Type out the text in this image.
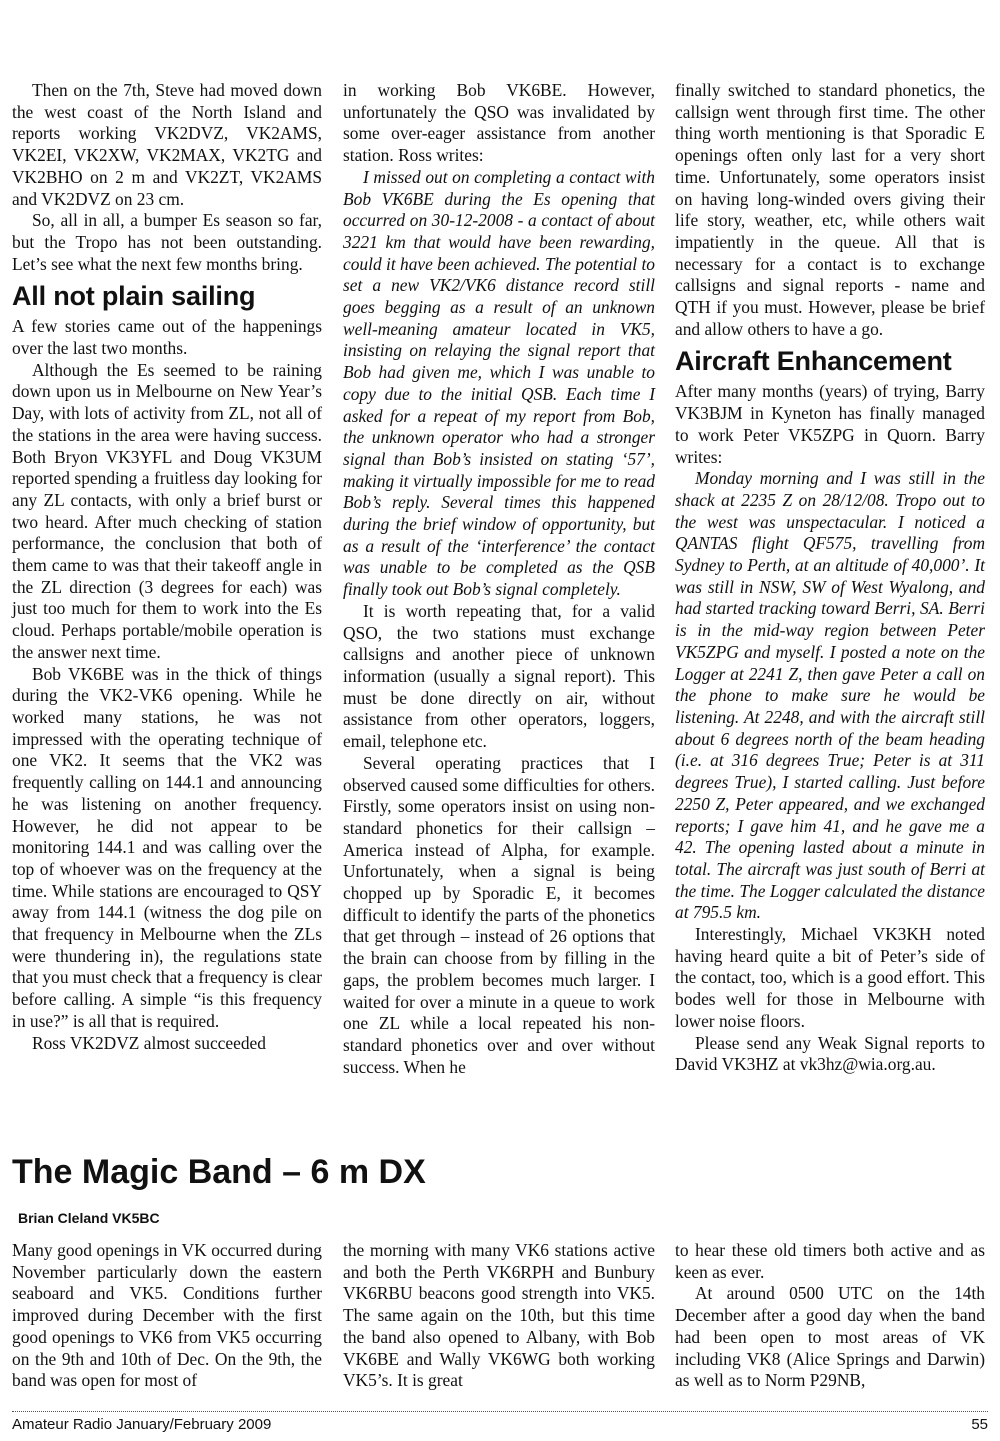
Then on the 7th, Steve had moved down the west coast of the North Island and reports working VK2DVZ, VK2AMS, VK2EI, VK2XW, VK2MAX, VK2TG and VK2BHO on 2 m and VK2ZT, VK2AMS and VK2DVZ on 23 cm.

So, all in all, a bumper Es season so far, but the Tropo has not been outstanding. Let’s see what the next few months bring.

All not plain sailing

A few stories came out of the happenings over the last two months.

Although the Es seemed to be raining down upon us in Melbourne on New Year’s Day, with lots of activity from ZL, not all of the stations in the area were having success. Both Bryon VK3YFL and Doug VK3UM reported spending a fruitless day looking for any ZL contacts, with only a brief burst or two heard. After much checking of station performance, the conclusion that both of them came to was that their takeoff angle in the ZL direction (3 degrees for each) was just too much for them to work into the Es cloud. Perhaps portable/mobile operation is the answer next time.

Bob VK6BE was in the thick of things during the VK2-VK6 opening. While he worked many stations, he was not impressed with the operating technique of one VK2. It seems that the VK2 was frequently calling on 144.1 and announcing he was listening on another frequency. However, he did not appear to be monitoring 144.1 and was calling over the top of whoever was on the frequency at the time. While stations are encouraged to QSY away from 144.1 (witness the dog pile on that frequency in Melbourne when the ZLs were thundering in), the regulations state that you must check that a frequency is clear before calling. A simple “is this frequency in use?” is all that is required.

Ross VK2DVZ almost succeeded

in working Bob VK6BE. However, unfortunately the QSO was invalidated by some over-eager assistance from another station. Ross writes:

I missed out on completing a contact with Bob VK6BE during the Es opening that occurred on 30-12-2008 - a contact of about 3221 km that would have been rewarding, could it have been achieved. The potential to set a new VK2/VK6 distance record still goes begging as a result of an unknown well-meaning amateur located in VK5, insisting on relaying the signal report that Bob had given me, which I was unable to copy due to the initial QSB. Each time I asked for a repeat of my report from Bob, the unknown operator who had a stronger signal than Bob’s insisted on stating ‘57’, making it virtually impossible for me to read Bob’s reply. Several times this happened during the brief window of opportunity, but as a result of the ‘interference’ the contact was unable to be completed as the QSB finally took out Bob’s signal completely.

It is worth repeating that, for a valid QSO, the two stations must exchange callsigns and another piece of unknown information (usually a signal report). This must be done directly on air, without assistance from other operators, loggers, email, telephone etc.

Several operating practices that I observed caused some difficulties for others. Firstly, some operators insist on using non-standard phonetics for their callsign – America instead of Alpha, for example. Unfortunately, when a signal is being chopped up by Sporadic E, it becomes difficult to identify the parts of the phonetics that get through – instead of 26 options that the brain can choose from by filling in the gaps, the problem becomes much larger. I waited for over a minute in a queue to work one ZL while a local repeated his non-standard phonetics over and over without success. When he

finally switched to standard phonetics, the callsign went through first time. The other thing worth mentioning is that Sporadic E openings often only last for a very short time. Unfortunately, some operators insist on having long-winded overs giving their life story, weather, etc, while others wait impatiently in the queue. All that is necessary for a contact is to exchange callsigns and signal reports - name and QTH if you must. However, please be brief and allow others to have a go.

Aircraft Enhancement

After many months (years) of trying, Barry VK3BJM in Kyneton has finally managed to work Peter VK5ZPG in Quorn. Barry writes:

Monday morning and I was still in the shack at 2235 Z on 28/12/08. Tropo out to the west was unspectacular. I noticed a QANTAS flight QF575, travelling from Sydney to Perth, at an altitude of 40,000’. It was still in NSW, SW of West Wyalong, and had started tracking toward Berri, SA. Berri is in the mid-way region between Peter VK5ZPG and myself. I posted a note on the Logger at 2241 Z, then gave Peter a call on the phone to make sure he would be listening. At 2248, and with the aircraft still about 6 degrees north of the beam heading (i.e. at 316 degrees True; Peter is at 311 degrees True), I started calling. Just before 2250 Z, Peter appeared, and we exchanged reports; I gave him 41, and he gave me a 42. The opening lasted about a minute in total. The aircraft was just south of Berri at the time. The Logger calculated the distance at 795.5 km.

Interestingly, Michael VK3KH noted having heard quite a bit of Peter’s side of the contact, too, which is a good effort. This bodes well for those in Melbourne with lower noise floors.

Please send any Weak Signal reports to David VK3HZ at vk3hz@wia.org.au.

The Magic Band – 6 m DX
Brian Cleland VK5BC

Many good openings in VK occurred during November particularly down the eastern seaboard and VK5. Conditions further improved during December with the first good openings to VK6 from VK5 occurring on the 9th and 10th of Dec. On the 9th, the band was open for most of

the morning with many VK6 stations active and both the Perth VK6RPH and Bunbury VK6RBU beacons good strength into VK5. The same again on the 10th, but this time the band also opened to Albany, with Bob VK6BE and Wally VK6WG both working VK5’s. It is great

to hear these old timers both active and as keen as ever.

At around 0500 UTC on the 14th December after a good day when the band had been open to most areas of VK including VK8 (Alice Springs and Darwin) as well as to Norm P29NB,

Amateur Radio January/February 2009	55
